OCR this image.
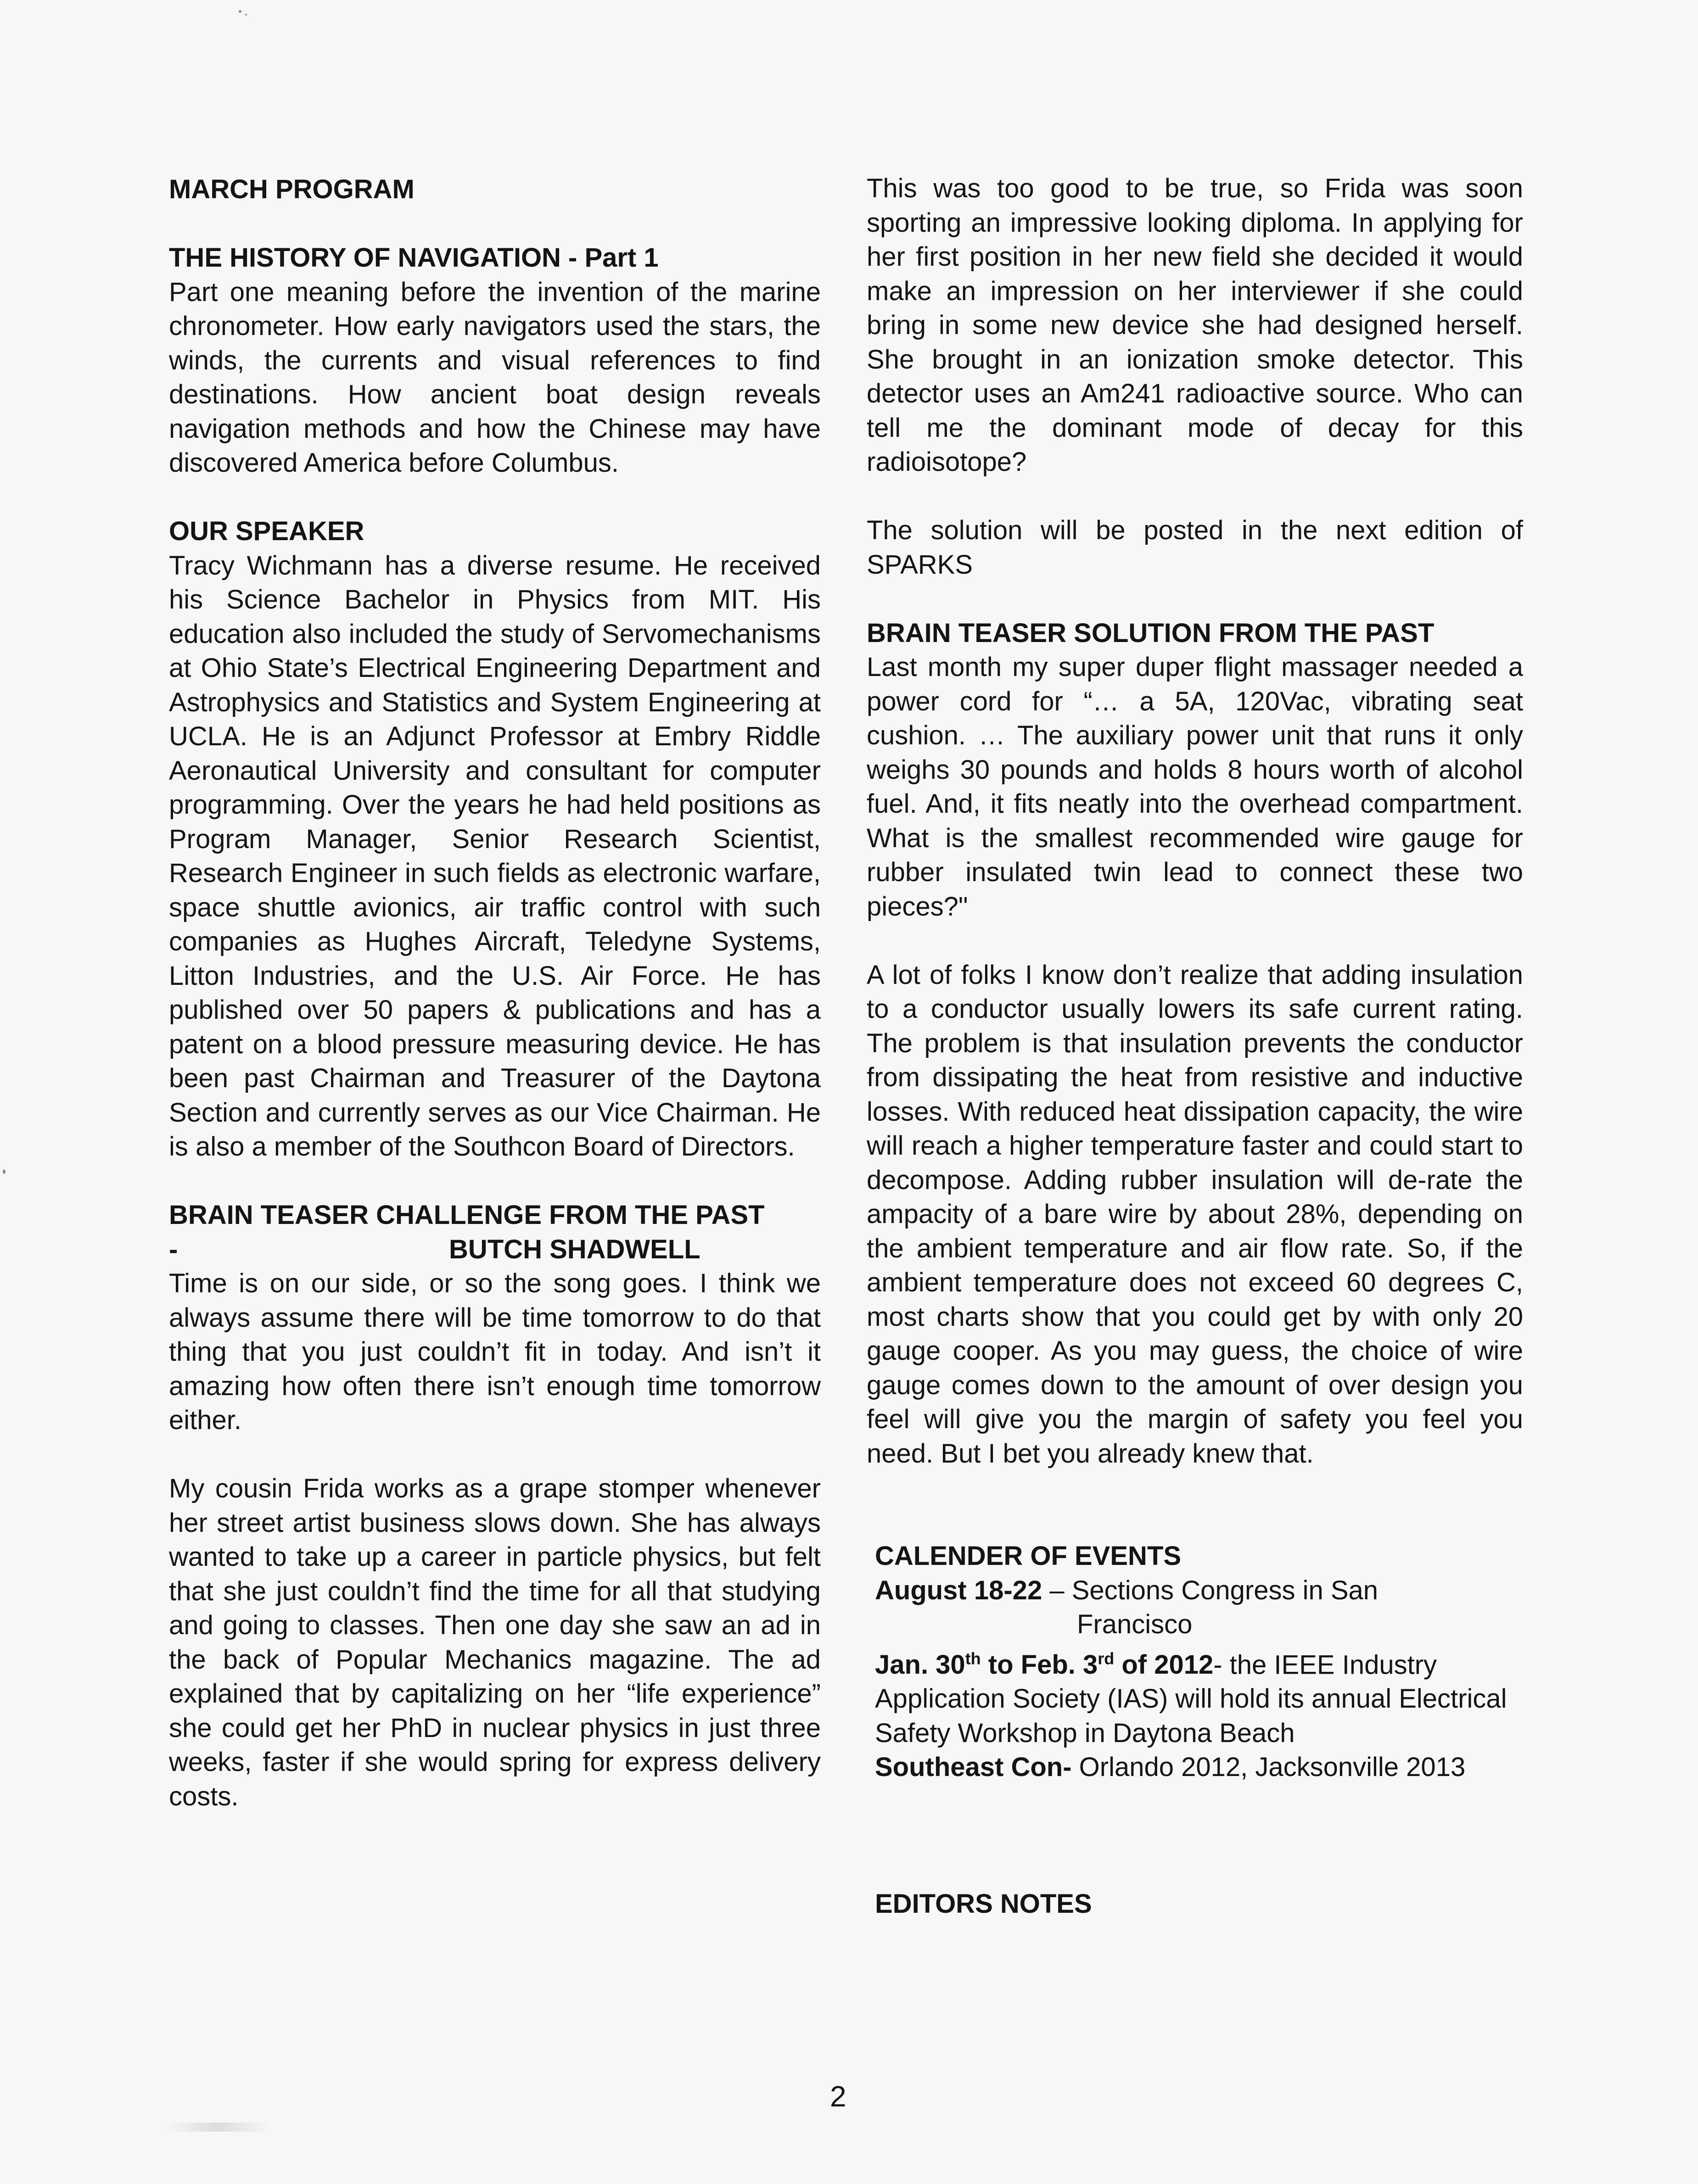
MARCH PROGRAM

THE HISTORY OF NAVIGATION - Part 1

Part one meaning before the invention of the marine chronometer. How early navigators used the stars, the winds, the currents and visual references to find destinations. How ancient boat design reveals navigation methods and how the Chinese may have discovered America before Columbus.

OUR SPEAKER

Tracy Wichmann has a diverse resume. He received his Science Bachelor in Physics from MIT. His education also included the study of Servomechanisms at Ohio State’s Electrical Engineering Department and Astrophysics and Statistics and System Engineering at UCLA. He is an Adjunct Professor at Embry Riddle Aeronautical University and consultant for computer programming. Over the years he had held positions as Program Manager, Senior Research Scientist, Research Engineer in such fields as electronic warfare, space shuttle avionics, air traffic control with such companies as Hughes Aircraft, Teledyne Systems, Litton Industries, and the U.S. Air Force. He has published over 50 papers & publications and has a patent on a blood pressure measuring device. He has been past Chairman and Treasurer of the Daytona Section and currently serves as our Vice Chairman. He is also a member of the Southcon Board of Directors.

BRAIN TEASER CHALLENGE FROM THE PAST

-	BUTCH SHADWELL

Time is on our side, or so the song goes. I think we always assume there will be time tomorrow to do that thing that you just couldn’t fit in today. And isn’t it amazing how often there isn’t enough time tomorrow either.

My cousin Frida works as a grape stomper whenever her street artist business slows down. She has always wanted to take up a career in particle physics, but felt that she just couldn’t find the time for all that studying and going to classes. Then one day she saw an ad in the back of Popular Mechanics magazine. The ad explained that by capitalizing on her “life experience” she could get her PhD in nuclear physics in just three weeks, faster if she would spring for express delivery costs.

This was too good to be true, so Frida was soon sporting an impressive looking diploma. In applying for her first position in her new field she decided it would make an impression on her interviewer if she could bring in some new device she had designed herself. She brought in an ionization smoke detector. This detector uses an Am241 radioactive source. Who can tell me the dominant mode of decay for this radioisotope?

The solution will be posted in the next edition of SPARKS

BRAIN TEASER SOLUTION FROM THE PAST

Last month my super duper flight massager needed a power cord for “… a 5A, 120Vac, vibrating seat cushion. … The auxiliary power unit that runs it only weighs 30 pounds and holds 8 hours worth of alcohol fuel. And, it fits neatly into the overhead compartment. What is the smallest recommended wire gauge for rubber insulated twin lead to connect these two pieces?"

A lot of folks I know don’t realize that adding insulation to a conductor usually lowers its safe current rating. The problem is that insulation prevents the conductor from dissipating the heat from resistive and inductive losses. With reduced heat dissipation capacity, the wire will reach a higher temperature faster and could start to decompose. Adding rubber insulation will de-rate the ampacity of a bare wire by about 28%, depending on the ambient temperature and air flow rate. So, if the ambient temperature does not exceed 60 degrees C, most charts show that you could get by with only 20 gauge cooper. As you may guess, the choice of wire gauge comes down to the amount of over design you feel will give you the margin of safety you feel you need. But I bet you already knew that.

CALENDER OF EVENTS

August 18-22 – Sections Congress in San

Francisco

Jan. 30th to Feb. 3rd of 2012- the IEEE Industry Application Society (IAS) will hold its annual Electrical Safety Workshop in Daytona Beach

Southeast Con- Orlando 2012, Jacksonville 2013

EDITORS NOTES

2
